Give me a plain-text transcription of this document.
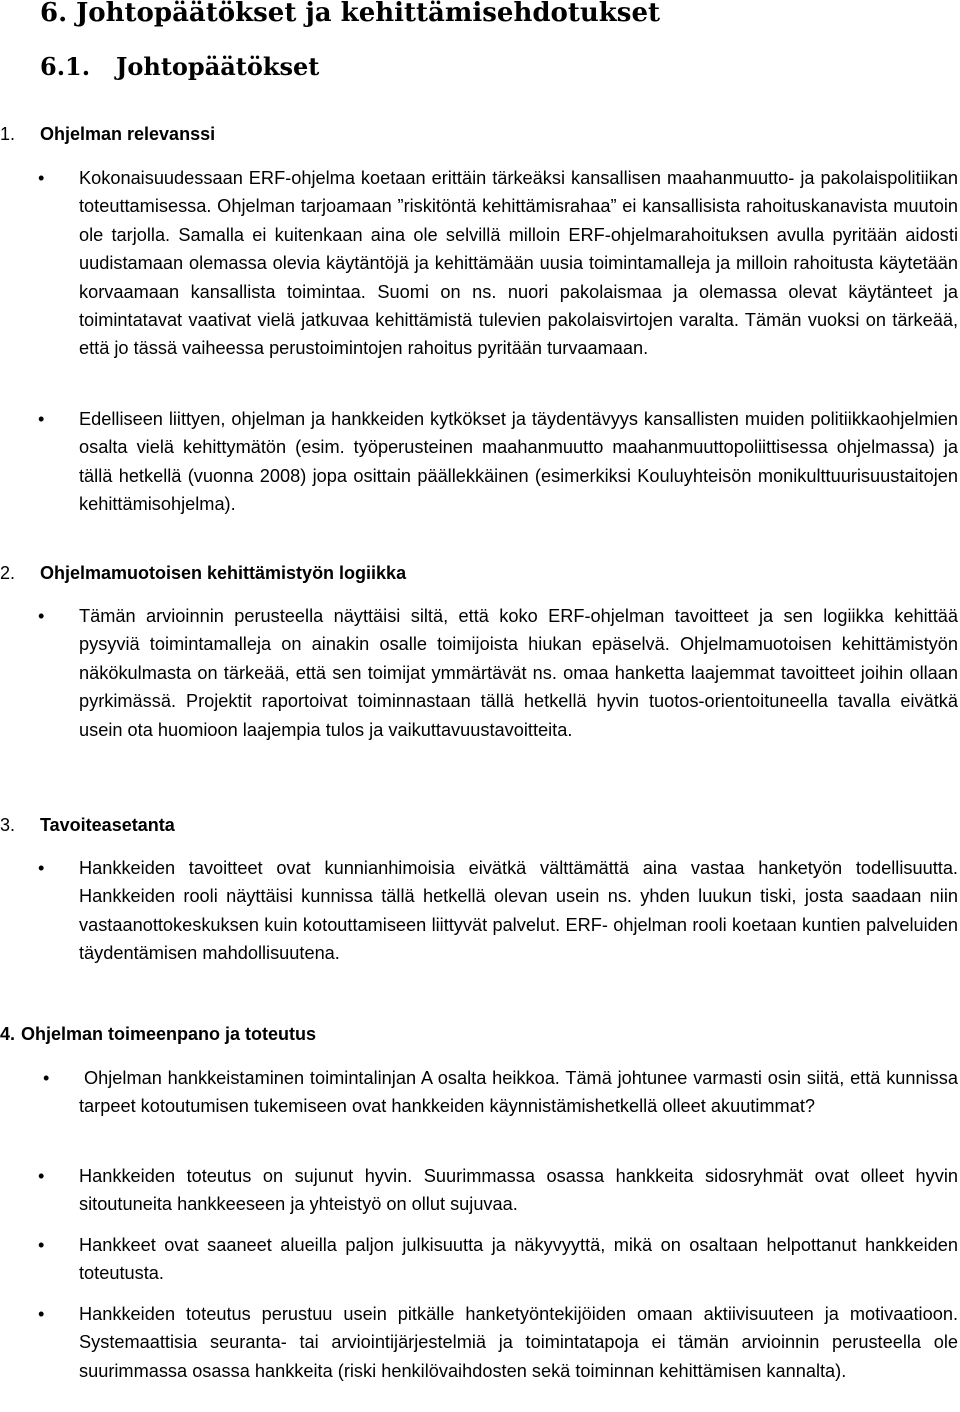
6. Johtopäätökset ja kehittämisehdotukset
6.1. Johtopäätökset
1. Ohjelman relevanssi
• Kokonaisuudessaan ERF-ohjelma koetaan erittäin tärkeäksi kansallisen maahanmuutto- ja pakolaispolitiikan toteuttamisessa. Ohjelman tarjoamaan ”riskitöntä kehittämisrahaa” ei kansallisista rahoituskanavista muutoin ole tarjolla. Samalla ei kuitenkaan aina ole selvillä milloin ERF-ohjelmarahoituksen avulla pyritään aidosti uudistamaan olemassa olevia käytäntöjä ja kehittämään uusia toimintamalleja ja milloin rahoitusta käytetään korvaamaan kansallista toimintaa. Suomi on ns. nuori pakolaismaa ja olemassa olevat käytänteet ja toimintatavat vaativat vielä jatkuvaa kehittämistä tulevien pakolaisvirtojen varalta. Tämän vuoksi on tärkeää, että jo tässä vaiheessa perustoimintojen rahoitus pyritään turvaamaan.
• Edelliseen liittyen, ohjelman ja hankkeiden kytkökset ja täydentävyys kansallisten muiden politiikkaohjelmien osalta vielä kehittymätön (esim. työperusteinen maahanmuutto maahanmuuttopoliittisessa ohjelmassa) ja tällä hetkellä (vuonna 2008) jopa osittain päällekkäinen (esimerkiksi Kouluyhteisön monikulttuurisuustaitojen kehittämisohjelma).
2. Ohjelmamuotoisen kehittämistyön logiikka
• Tämän arvioinnin perusteella näyttäisi siltä, että koko ERF-ohjelman tavoitteet ja sen logiikka kehittää pysyviä toimintamalleja on ainakin osalle toimijoista hiukan epäselvä. Ohjelmamuotoisen kehittämistyön näkökulmasta on tärkeää, että sen toimijat ymmärtävät ns. omaa hanketta laajemmat tavoitteet joihin ollaan pyrkimässä. Projektit raportoivat toiminnastaan tällä hetkellä hyvin tuotos-orientoituneella tavalla eivätkä usein ota huomioon laajempia tulos ja vaikuttavuustavoitteita.
3. Tavoiteasetanta
• Hankkeiden tavoitteet ovat kunnianhimoisia eivätkä välttämättä aina vastaa hanketyön todellisuutta. Hankkeiden rooli näyttäisi kunnissa tällä hetkellä olevan usein ns. yhden luukun tiski, josta saadaan niin vastaanottokeskuksen kuin kotouttamiseen liittyvät palvelut. ERF- ohjelman rooli koetaan kuntien palveluiden täydentämisen mahdollisuutena.
4. Ohjelman toimeenpano ja toteutus
• Ohjelman hankkeistaminen toimintalinjan A osalta heikkoa. Tämä johtunee varmasti osin siitä, että kunnissa tarpeet kotoutumisen tukemiseen ovat hankkeiden käynnistämishetkellä olleet akuutimmat?
• Hankkeiden toteutus on sujunut hyvin. Suurimmassa osassa hankkeita sidosryhmät ovat olleet hyvin sitoutuneita hankkeeseen ja yhteistyö on ollut sujuvaa.
• Hankkeet ovat saaneet alueilla paljon julkisuutta ja näkyvyyttä, mikä on osaltaan helpottanut hankkeiden toteutusta.
• Hankkeiden toteutus perustuu usein pitkälle hanketyöntekijöiden omaan aktiivisuuteen ja motivaatioon. Systemaattisia seuranta- tai arviointijärjestelmiä ja toimintatapoja ei tämän arvioinnin perusteella ole suurimmassa osassa hankkeita (riski henkilövaihdosten sekä toiminnan kehittämisen kannalta).
